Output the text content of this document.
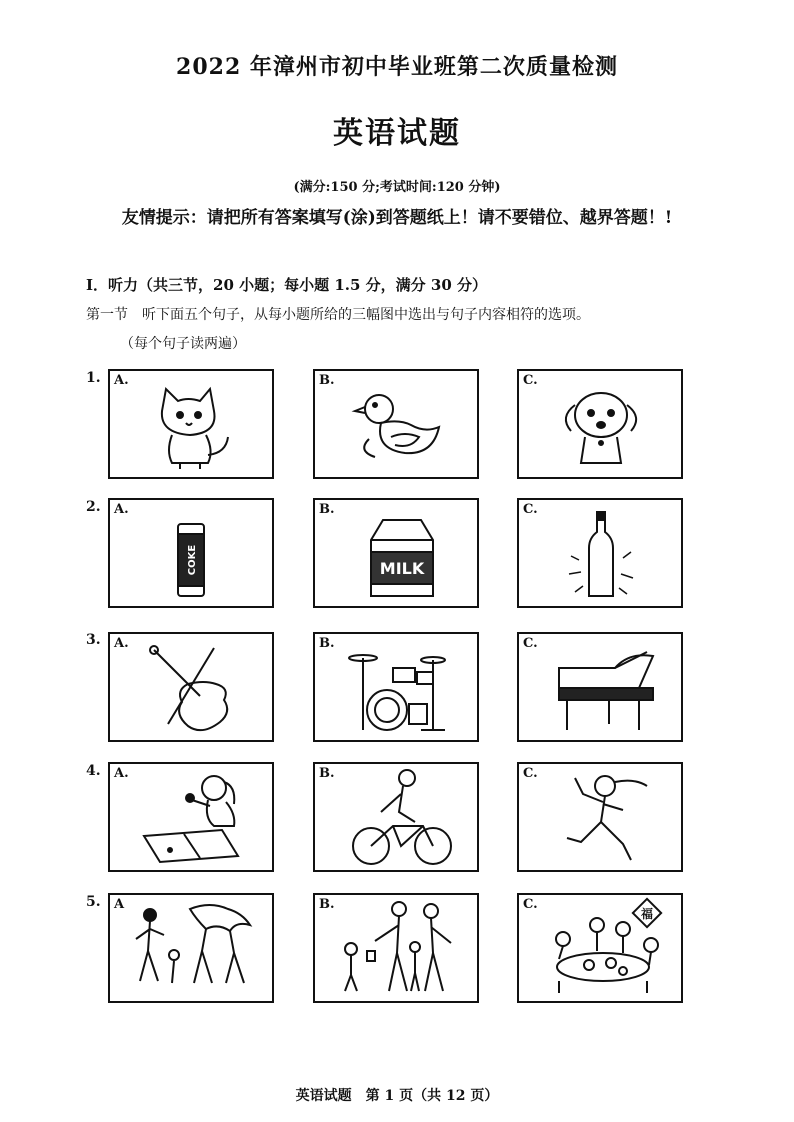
2022 年漳州市初中毕业班第二次质量检测
英语试题
(满分:150 分;考试时间:120 分钟)
友情提示：请把所有答案填写(涂)到答题纸上！请不要错位、越界答题！!
I．听力（共三节，20 小题；每小题 1.5 分，满分 30 分）
第一节　听下面五个句子，从每小题所给的三幅图中选出与句子内容相符的选项。
（每个句子读两遍）
1. A.	B.	C.
2. A.
COKE
B.
MILK
C.
3. A.	B.	C.
4. A.	B.	C.
5. A	B.	C.
福
英语试题　第 1 页（共 12 页）
